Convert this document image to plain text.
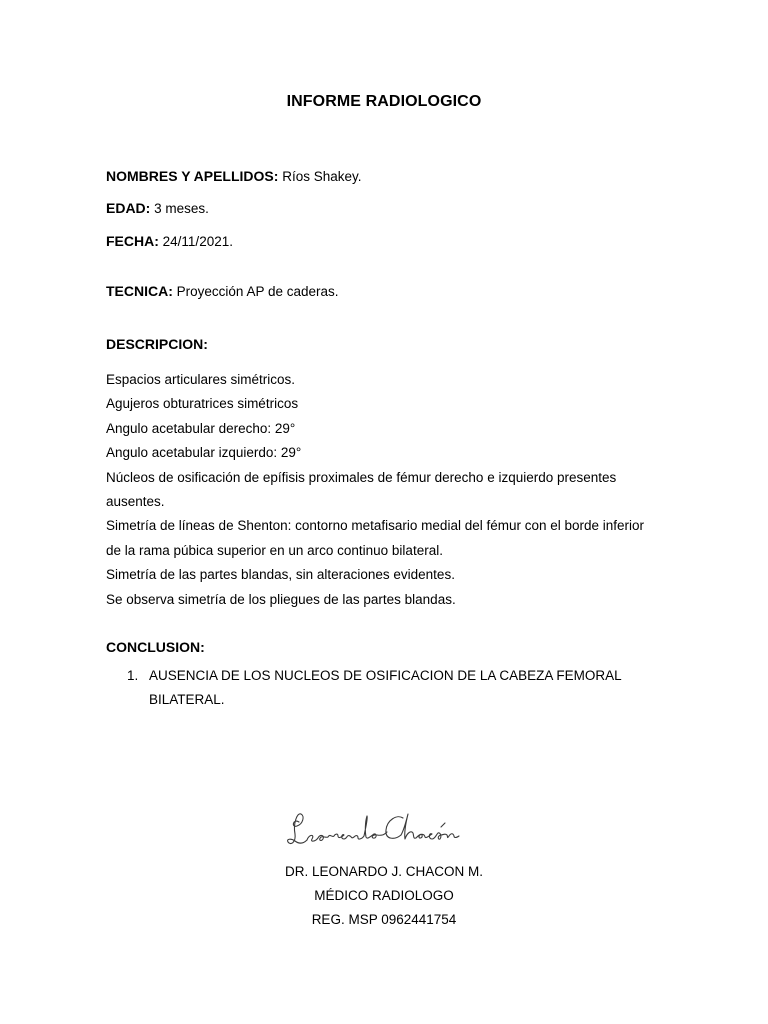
INFORME RADIOLOGICO
NOMBRES Y APELLIDOS: Ríos Shakey.
EDAD: 3 meses.
FECHA: 24/11/2021.
TECNICA: Proyección AP de caderas.
DESCRIPCION:
Espacios articulares simétricos.
Agujeros obturatrices simétricos
Angulo acetabular derecho: 29°
Angulo acetabular izquierdo: 29°
Núcleos de osificación de epífisis proximales de fémur derecho e izquierdo presentes
ausentes.
Simetría de líneas de Shenton: contorno metafisario medial del fémur con el borde inferior
de la rama púbica superior en un arco continuo bilateral.
Simetría de las partes blandas, sin alteraciones evidentes.
Se observa simetría de los pliegues de las partes blandas.
CONCLUSION:
1. AUSENCIA DE LOS NUCLEOS DE OSIFICACION DE LA CABEZA FEMORAL BILATERAL.
DR. LEONARDO J. CHACON M.
MÉDICO RADIOLOGO
REG. MSP 0962441754
